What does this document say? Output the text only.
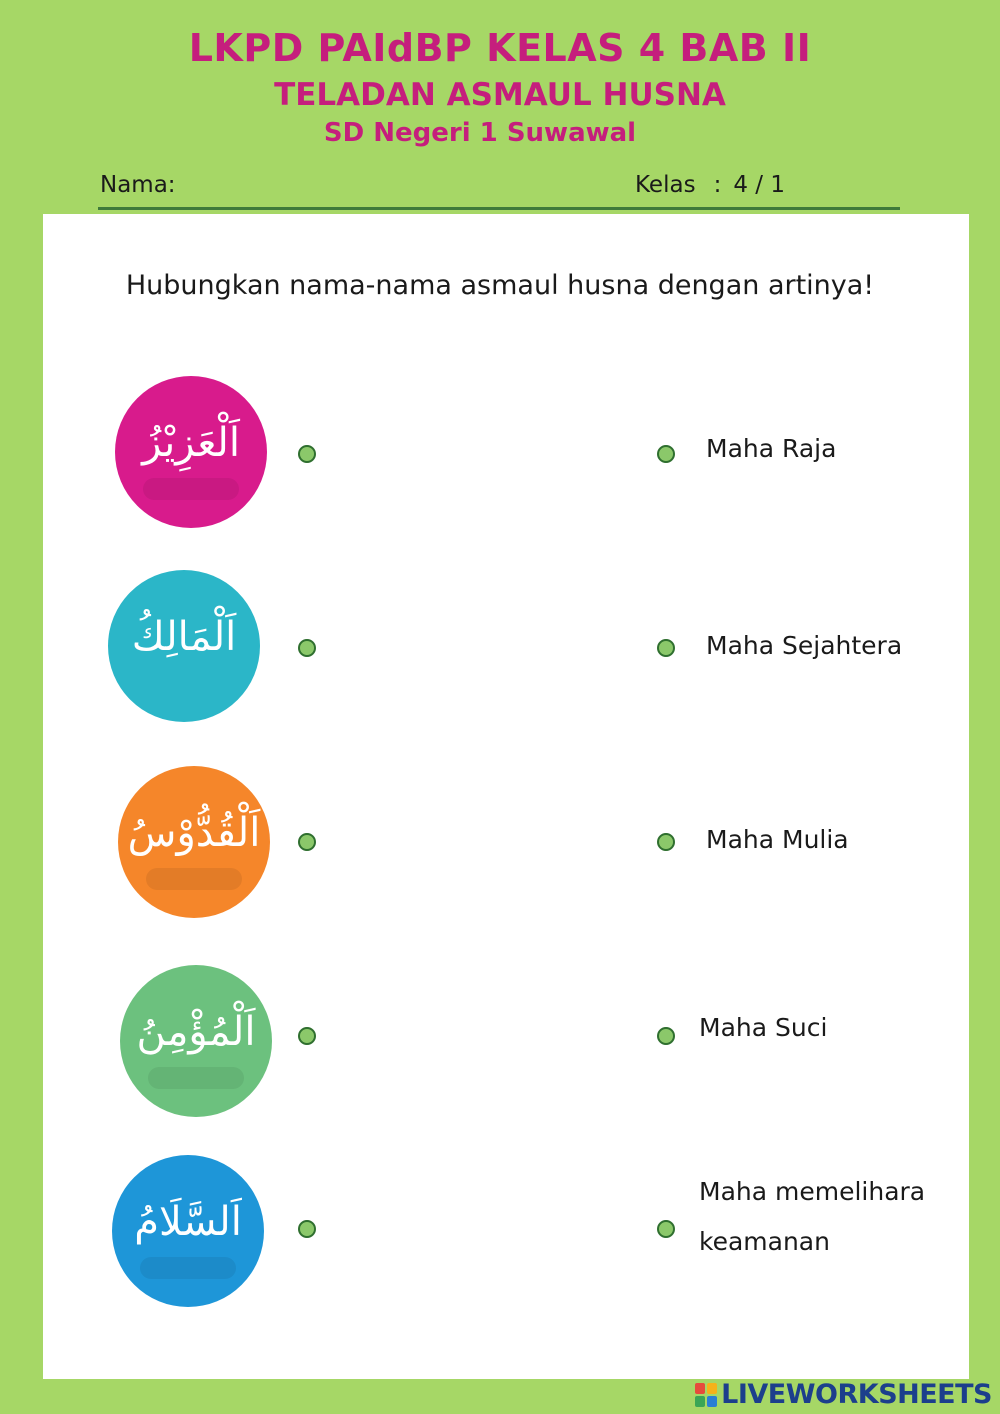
LKPD PAIdBP KELAS 4 BAB II
TELADAN ASMAUL HUSNA
SD Negeri 1 Suwawal
Nama:	Kelas : 4 / 1
Hubungkan nama-nama asmaul husna dengan artinya!
اَلْعَزِيْزُ
اَلْمَالِكُ
اَلْقُدُّوْسُ
اَلْمُؤْمِنُ
اَلسَّلَامُ
Maha Raja
Maha Sejahtera
Maha Mulia
Maha Suci
Maha memelihara
keamanan
LIVEWORKSHEETS
